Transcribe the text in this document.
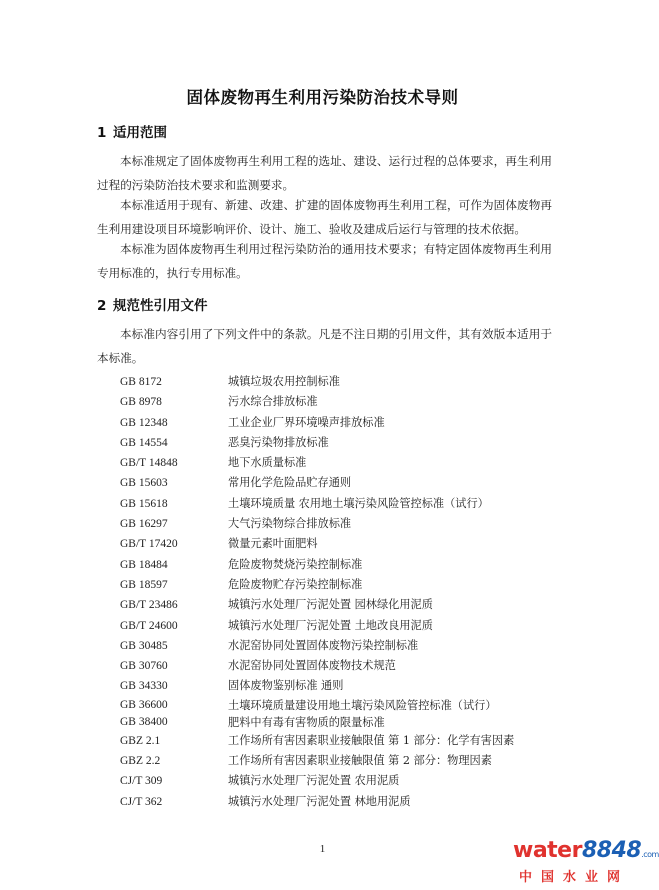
固体废物再生利用污染防治技术导则
1 适用范围

本标准规定了固体废物再生利用工程的选址、建设、运行过程的总体要求，再生利用过程的污染防治技术要求和监测要求。

本标准适用于现有、新建、改建、扩建的固体废物再生利用工程，可作为固体废物再生利用建设项目环境影响评价、设计、施工、验收及建成后运行与管理的技术依据。

本标准为固体废物再生利用过程污染防治的通用技术要求；有特定固体废物再生利用专用标准的，执行专用标准。

2 规范性引用文件

本标准内容引用了下列文件中的条款。凡是不注日期的引用文件，其有效版本适用于本标准。

GB 8172	城镇垃圾农用控制标准
GB 8978	污水综合排放标准
GB 12348	工业企业厂界环境噪声排放标准
GB 14554	恶臭污染物排放标准
GB/T 14848	地下水质量标准
GB 15603	常用化学危险品贮存通则
GB 15618	土壤环境质量 农用地土壤污染风险管控标准（试行）
GB 16297	大气污染物综合排放标准
GB/T 17420	微量元素叶面肥料
GB 18484	危险废物焚烧污染控制标准
GB 18597	危险废物贮存污染控制标准
GB/T 23486	城镇污水处理厂污泥处置 园林绿化用泥质
GB/T 24600	城镇污水处理厂污泥处置 土地改良用泥质
GB 30485	水泥窑协同处置固体废物污染控制标准
GB 30760	水泥窑协同处置固体废物技术规范
GB 34330	固体废物鉴别标准 通则
GB 36600	土壤环境质量建设用地土壤污染风险管控标准（试行）
GB 38400	肥料中有毒有害物质的限量标准
GBZ 2.1	工作场所有害因素职业接触限值 第 1 部分：化学有害因素
GBZ 2.2	工作场所有害因素职业接触限值 第 2 部分：物理因素
CJ/T 309	城镇污水处理厂污泥处置 农用泥质
CJ/T 362	城镇污水处理厂污泥处置 林地用泥质
1	water8848.com
中国水业网
